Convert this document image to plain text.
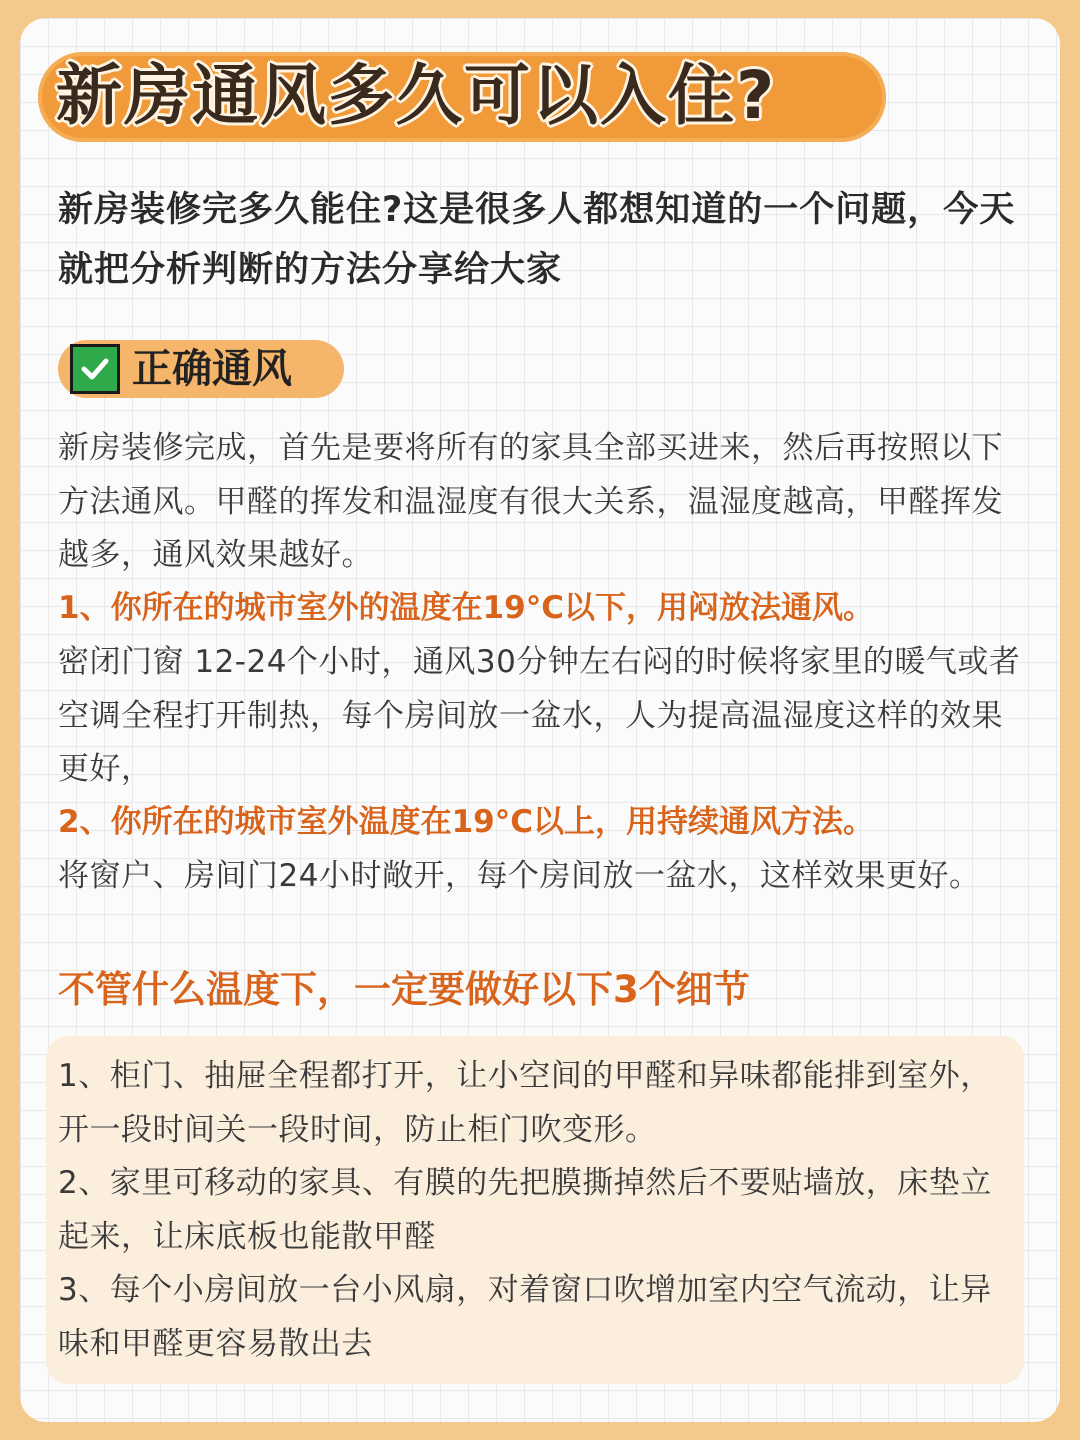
新房通风多久可以入住?
新房装修完多久能住?这是很多人都想知道的一个问题，今天就把分析判断的方法分享给大家
正确通风
新房装修完成，首先是要将所有的家具全部买进来，然后再按照以下方法通风。甲醛的挥发和温湿度有很大关系，温湿度越高，甲醛挥发越多，通风效果越好。
1、你所在的城市室外的温度在19°C以下，用闷放法通风。
密闭门窗 12-24个小时，通风30分钟左右闷的时候将家里的暖气或者空调全程打开制热，每个房间放一盆水，人为提高温湿度这样的效果更好，
2、你所在的城市室外温度在19°C以上，用持续通风方法。
将窗户、房间门24小时敞开，每个房间放一盆水，这样效果更好。
不管什么温度下，一定要做好以下3个细节

1、柜门、抽屉全程都打开，让小空间的甲醛和异味都能排到室外，开一段时间关一段时间，防止柜门吹变形。

2、家里可移动的家具、有膜的先把膜撕掉然后不要贴墙放，床垫立起来，让床底板也能散甲醛

3、每个小房间放一台小风扇，对着窗口吹增加室内空气流动，让异味和甲醛更容易散出去
